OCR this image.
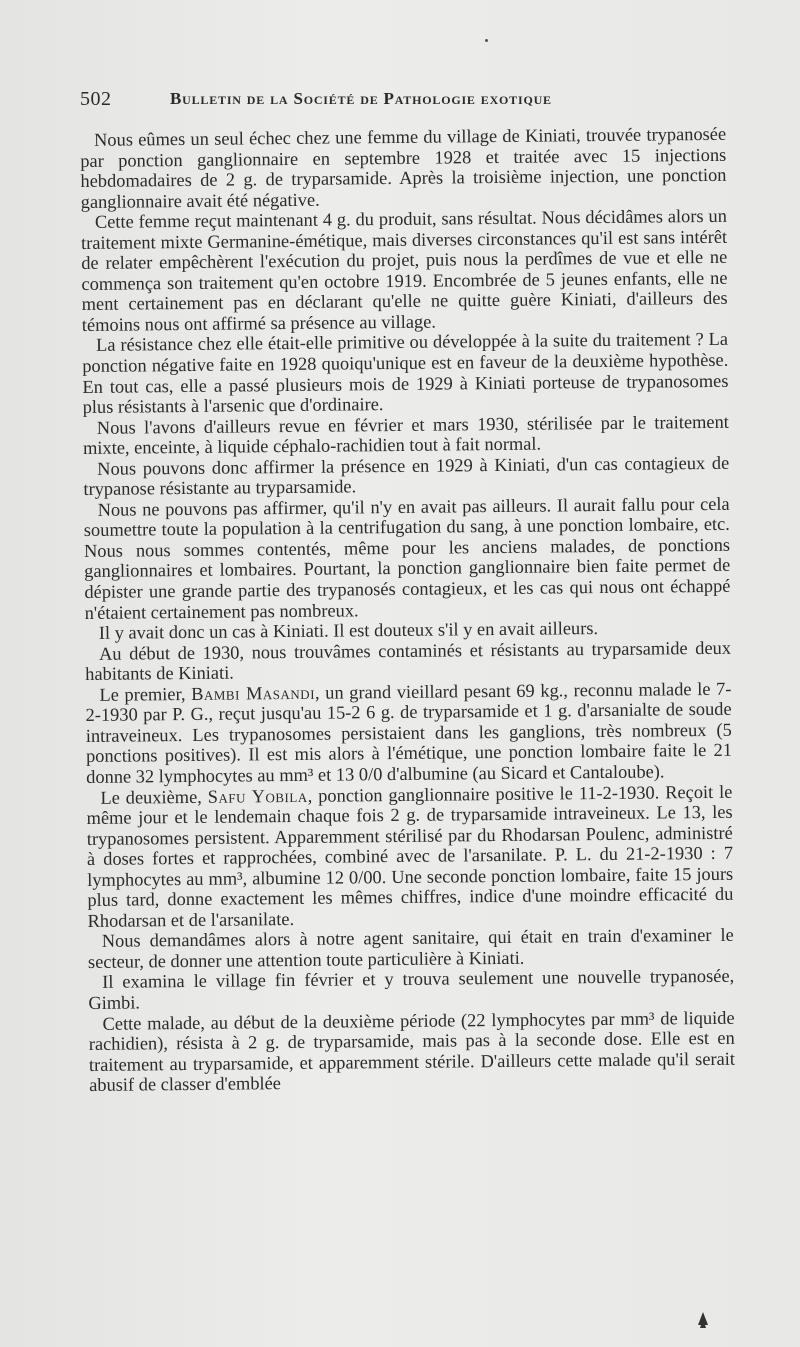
502	Bulletin de la Société de Pathologie exotique

Nous eûmes un seul échec chez une femme du village de Kiniati, trouvée trypanosée par ponction ganglionnaire en septembre 1928 et traitée avec 15 injections hebdomadaires de 2 g. de tryparsamide. Après la troisième injection, une ponction ganglionnaire avait été négative.

Cette femme reçut maintenant 4 g. du produit, sans résultat. Nous décidâmes alors un traitement mixte Germanine-émétique, mais diverses circonstances qu'il est sans intérêt de relater empêchèrent l'exécution du projet, puis nous la perdîmes de vue et elle ne commença son traitement qu'en octobre 1919. Encombrée de 5 jeunes enfants, elle ne ment certainement pas en déclarant qu'elle ne quitte guère Kiniati, d'ailleurs des témoins nous ont affirmé sa présence au village.

La résistance chez elle était-elle primitive ou développée à la suite du traitement ? La ponction négative faite en 1928 quoiqu'unique est en faveur de la deuxième hypothèse. En tout cas, elle a passé plusieurs mois de 1929 à Kiniati porteuse de trypanosomes plus résistants à l'arsenic que d'ordinaire.

Nous l'avons d'ailleurs revue en février et mars 1930, stérilisée par le traitement mixte, enceinte, à liquide céphalo-rachidien tout à fait normal.

Nous pouvons donc affirmer la présence en 1929 à Kiniati, d'un cas contagieux de trypanose résistante au tryparsamide.

Nous ne pouvons pas affirmer, qu'il n'y en avait pas ailleurs. Il aurait fallu pour cela soumettre toute la population à la centrifugation du sang, à une ponction lombaire, etc. Nous nous sommes contentés, même pour les anciens malades, de ponctions ganglionnaires et lombaires. Pourtant, la ponction ganglionnaire bien faite permet de dépister une grande partie des trypanosés contagieux, et les cas qui nous ont échappé n'étaient certainement pas nombreux.

Il y avait donc un cas à Kiniati. Il est douteux s'il y en avait ailleurs.

Au début de 1930, nous trouvâmes contaminés et résistants au tryparsamide deux habitants de Kiniati.

Le premier, Bambi Masandi, un grand vieillard pesant 69 kg., reconnu malade le 7-2-1930 par P. G., reçut jusqu'au 15-2 6 g. de tryparsamide et 1 g. d'arsanialte de soude intraveineux. Les trypanosomes persistaient dans les ganglions, très nombreux (5 ponctions positives). Il est mis alors à l'émétique, une ponction lombaire faite le 21 donne 32 lymphocytes au mm³ et 13 0/0 d'albumine (au Sicard et Cantaloube).

Le deuxième, Safu Yobila, ponction ganglionnaire positive le 11-2-1930. Reçoit le même jour et le lendemain chaque fois 2 g. de tryparsamide intraveineux. Le 13, les trypanosomes persistent. Apparemment stérilisé par du Rhodarsan Poulenc, administré à doses fortes et rapprochées, combiné avec de l'arsanilate. P. L. du 21-2-1930 : 7 lymphocytes au mm³, albumine 12 0/00. Une seconde ponction lombaire, faite 15 jours plus tard, donne exactement les mêmes chiffres, indice d'une moindre efficacité du Rhodarsan et de l'arsanilate.

Nous demandâmes alors à notre agent sanitaire, qui était en train d'examiner le secteur, de donner une attention toute particulière à Kiniati.

Il examina le village fin février et y trouva seulement une nouvelle trypanosée, Gimbi.

Cette malade, au début de la deuxième période (22 lymphocytes par mm³ de liquide rachidien), résista à 2 g. de tryparsamide, mais pas à la seconde dose. Elle est en traitement au tryparsamide, et apparemment stérile. D'ailleurs cette malade qu'il serait abusif de classer d'emblée
